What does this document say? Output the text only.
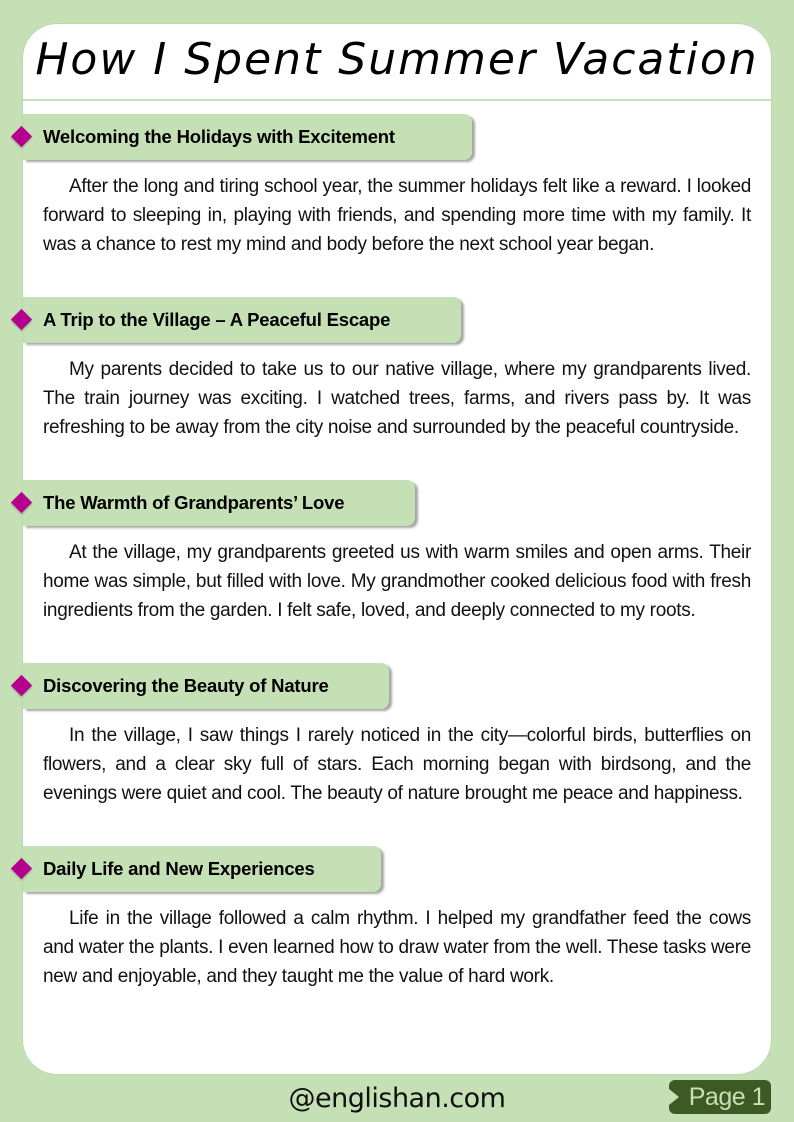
How I Spent Summer Vacation
Welcoming the Holidays with Excitement

After the long and tiring school year, the summer holidays felt like a reward. I looked forward to sleeping in, playing with friends, and spending more time with my family. It was a chance to rest my mind and body before the next school year began.

A Trip to the Village – A Peaceful Escape

My parents decided to take us to our native village, where my grandparents lived. The train journey was exciting. I watched trees, farms, and rivers pass by. It was refreshing to be away from the city noise and surrounded by the peaceful countryside.

The Warmth of Grandparents’ Love

At the village, my grandparents greeted us with warm smiles and open arms. Their home was simple, but filled with love. My grandmother cooked delicious food with fresh ingredients from the garden. I felt safe, loved, and deeply connected to my roots.

Discovering the Beauty of Nature

In the village, I saw things I rarely noticed in the city—colorful birds, butterflies on flowers, and a clear sky full of stars. Each morning began with birdsong, and the evenings were quiet and cool. The beauty of nature brought me peace and happiness.

Daily Life and New Experiences

Life in the village followed a calm rhythm. I helped my grandfather feed the cows and water the plants. I even learned how to draw water from the well. These tasks were new and enjoyable, and they taught me the value of hard work.

@englishan.com	Page 1
